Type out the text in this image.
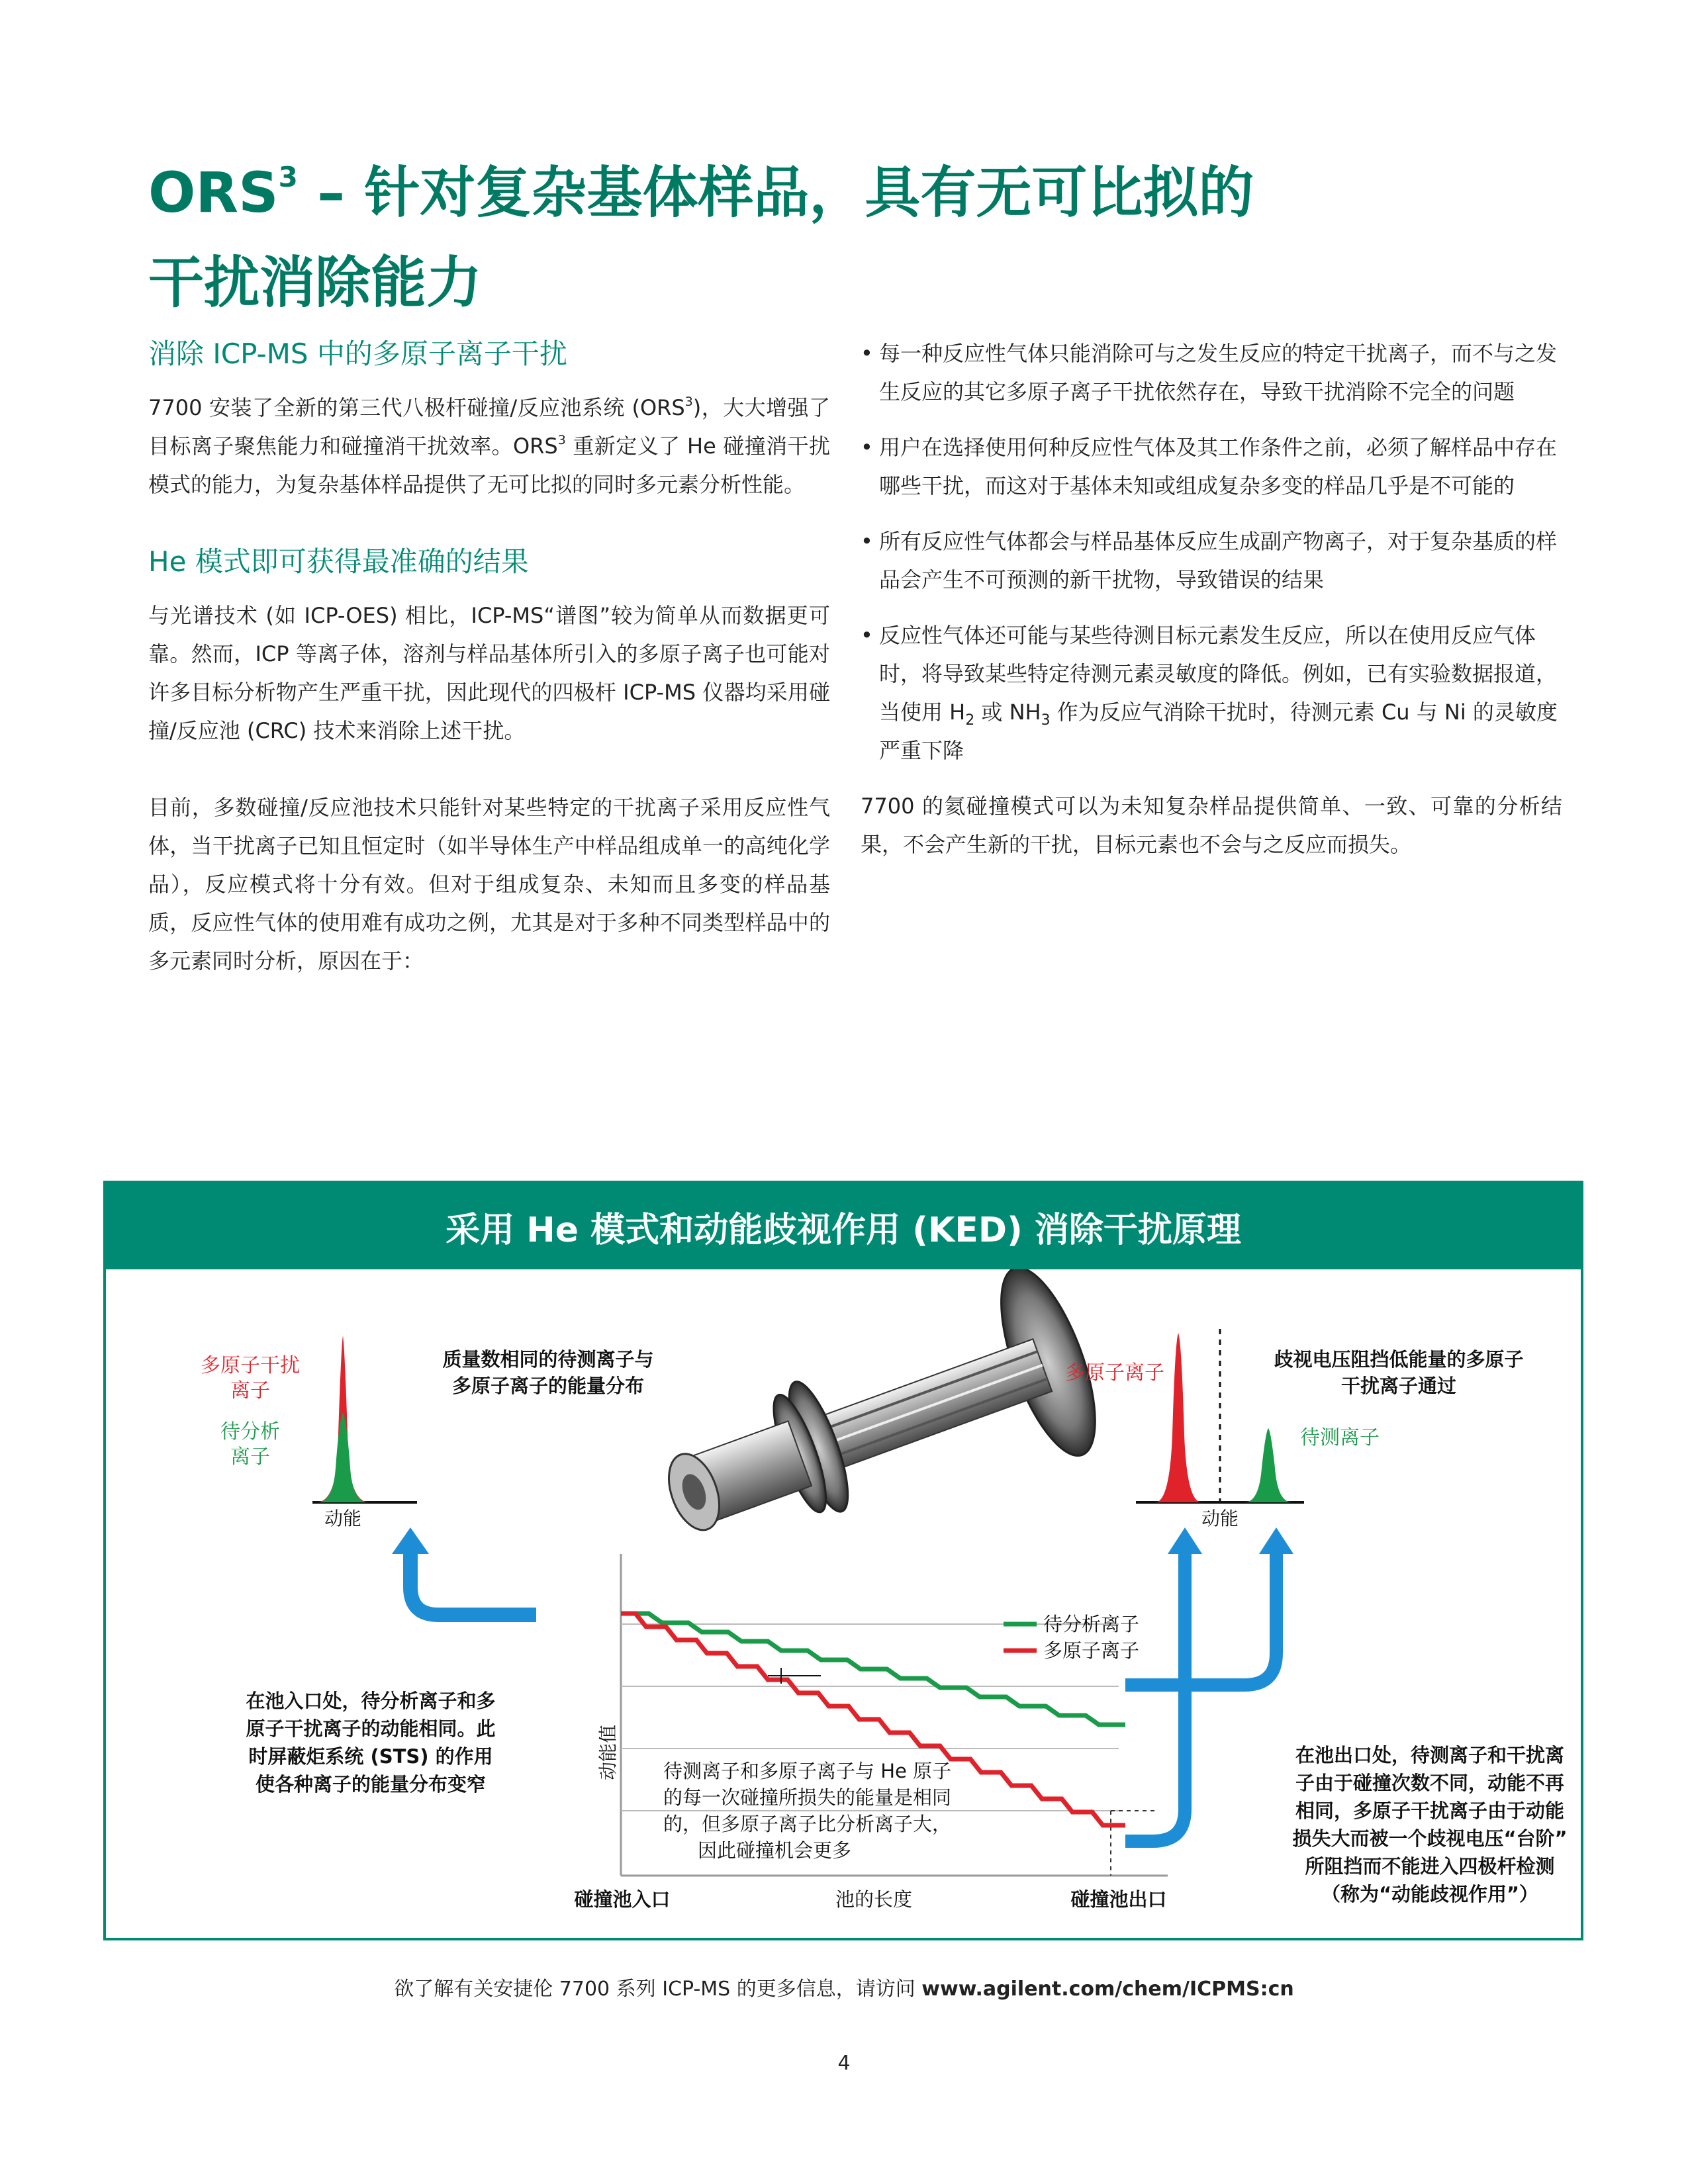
ORS$^3$ – 针对复杂基体样品，具有无可比拟的
干扰消除能力
消除 ICP-MS 中的多原子离子干扰

7700 安装了全新的第三代八极杆碰撞/反应池系统 (ORS$^3$)，大大增强了目标离子聚焦能力和碰撞消干扰效率。ORS$^3$ 重新定义了 He 碰撞消干扰模式的能力，为复杂基体样品提供了无可比拟的同时多元素分析性能。

He 模式即可获得最准确的结果

与光谱技术 (如 ICP-OES) 相比，ICP-MS“谱图”较为简单从而数据更可靠。然而，ICP 等离子体，溶剂与样品基体所引入的多原子离子也可能对许多目标分析物产生严重干扰，因此现代的四极杆 ICP-MS 仪器均采用碰撞/反应池 (CRC) 技术来消除上述干扰。

目前，多数碰撞/反应池技术只能针对某些特定的干扰离子采用反应性气体，当干扰离子已知且恒定时（如半导体生产中样品组成单一的高纯化学品），反应模式将十分有效。但对于组成复杂、未知而且多变的样品基质，反应性气体的使用难有成功之例，尤其是对于多种不同类型样品中的多元素同时分析，原因在于：

• 每一种反应性气体只能消除可与之发生反应的特定干扰离子，而不与之发生反应的其它多原子离子干扰依然存在，导致干扰消除不完全的问题
• 用户在选择使用何种反应性气体及其工作条件之前，必须了解样品中存在哪些干扰，而这对于基体未知或组成复杂多变的样品几乎是不可能的
• 所有反应性气体都会与样品基体反应生成副产物离子，对于复杂基质的样品会产生不可预测的新干扰物，导致错误的结果
• 反应性气体还可能与某些待测目标元素发生反应，所以在使用反应气体时，将导致某些特定待测元素灵敏度的降低。例如，已有实验数据报道，当使用 $H_2$ 或 $NH_3$ 作为反应气消除干扰时，待测元素 Cu 与 Ni 的灵敏度严重下降

7700 的氦碰撞模式可以为未知复杂样品提供简单、一致、可靠的分析结果，不会产生新的干扰，目标元素也不会与之反应而损失。

采用 He 模式和动能歧视作用 (KED) 消除干扰原理
多原子干扰
离子
待分析
离子
动能
质量数相同的待测离子与
多原子离子的能量分布
多原子离子
待测离子
动能
歧视电压阻挡低能量的多原子
干扰离子通过
待分析离子
多原子离子
动能值
碰撞池入口	池的长度	碰撞池出口
待测离子和多原子离子与 He 原子
的每一次碰撞所损失的能量是相同
的，但多原子离子比分析离子大，
因此碰撞机会更多
在池入口处，待分析离子和多
原子干扰离子的动能相同。此
时屏蔽炬系统 (STS) 的作用
使各种离子的能量分布变窄
在池出口处，待测离子和干扰离
子由于碰撞次数不同，动能不再
相同，多原子干扰离子由于动能
损失大而被一个歧视电压“台阶”
所阻挡而不能进入四极杆检测
（称为“动能歧视作用”）
欲了解有关安捷伦 7700 系列 ICP-MS 的更多信息，请访问 www.agilent.com/chem/ICPMS:cn
4
